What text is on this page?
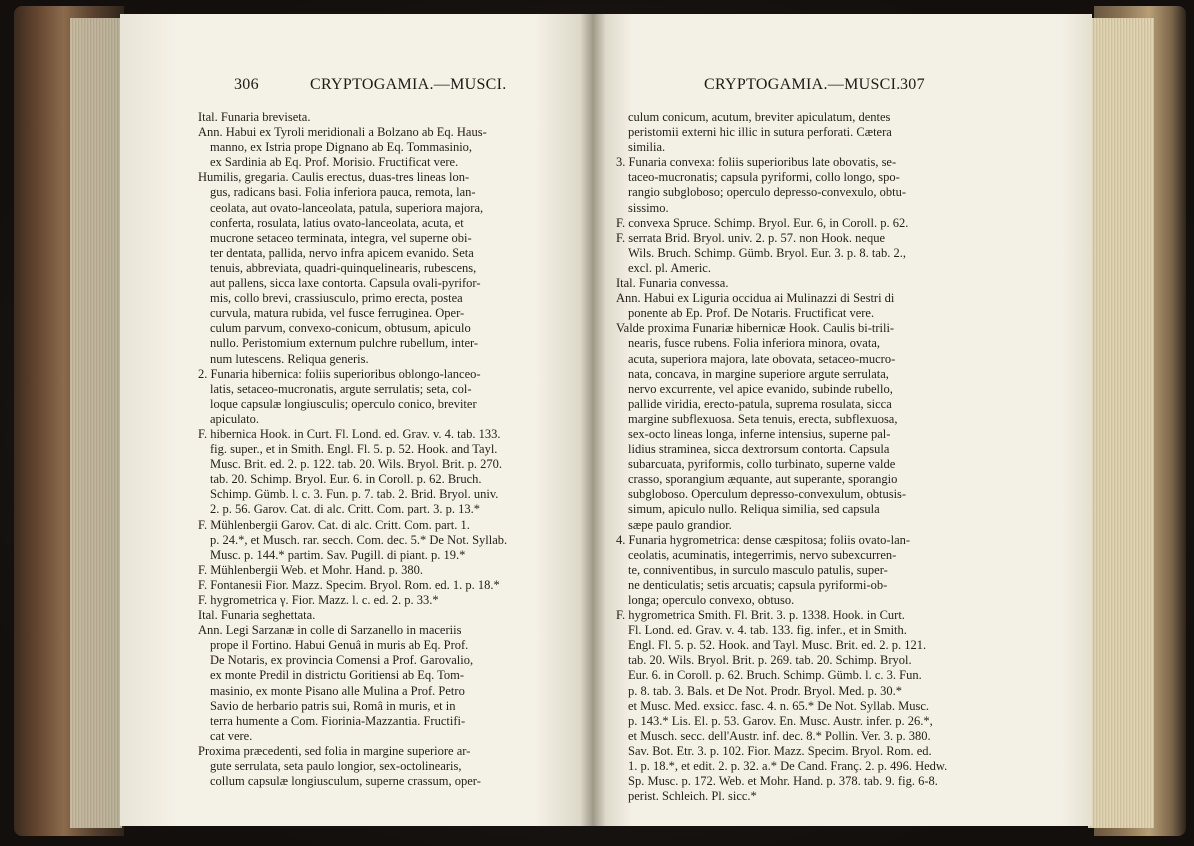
306	CRYPTOGAMIA.—MUSCI.
Ital. Funaria breviseta.
Ann. Habui ex Tyroli meridionali a Bolzano ab Eq. Haus-
manno, ex Istria prope Dignano ab Eq. Tommasinio,
ex Sardinia ab Eq. Prof. Morisio. Fructificat vere.
Humilis, gregaria. Caulis erectus, duas-tres lineas lon-
gus, radicans basi. Folia inferiora pauca, remota, lan-
ceolata, aut ovato-lanceolata, patula, superiora majora,
conferta, rosulata, latius ovato-lanceolata, acuta, et
mucrone setaceo terminata, integra, vel superne obi-
ter dentata, pallida, nervo infra apicem evanido. Seta
tenuis, abbreviata, quadri-quinquelinearis, rubescens,
aut pallens, sicca laxe contorta. Capsula ovali-pyrifor-
mis, collo brevi, crassiusculo, primo erecta, postea
curvula, matura rubida, vel fusce ferruginea. Oper-
culum parvum, convexo-conicum, obtusum, apiculo
nullo. Peristomium externum pulchre rubellum, inter-
num lutescens. Reliqua generis.
2. Funaria hibernica: foliis superioribus oblongo-lanceo-
latis, setaceo-mucronatis, argute serrulatis; seta, col-
loque capsulæ longiusculis; operculo conico, breviter
apiculato.
F. hibernica Hook. in Curt. Fl. Lond. ed. Grav. v. 4. tab. 133.
fig. super., et in Smith. Engl. Fl. 5. p. 52. Hook. and Tayl.
Musc. Brit. ed. 2. p. 122. tab. 20. Wils. Bryol. Brit. p. 270.
tab. 20. Schimp. Bryol. Eur. 6. in Coroll. p. 62. Bruch.
Schimp. Gümb. l. c. 3. Fun. p. 7. tab. 2. Brid. Bryol. univ.
2. p. 56. Garov. Cat. di alc. Critt. Com. part. 3. p. 13.*
F. Mühlenbergii Garov. Cat. di alc. Critt. Com. part. 1.
p. 24.*, et Musch. rar. secch. Com. dec. 5.* De Not. Syllab.
Musc. p. 144.* partim. Sav. Pugill. di piant. p. 19.*
F. Mühlenbergii Web. et Mohr. Hand. p. 380.
F. Fontanesii Fior. Mazz. Specim. Bryol. Rom. ed. 1. p. 18.*
F. hygrometrica γ. Fior. Mazz. l. c. ed. 2. p. 33.*
Ital. Funaria seghettata.
Ann. Legi Sarzanæ in colle di Sarzanello in maceriis
prope il Fortino. Habui Genuâ in muris ab Eq. Prof.
De Notaris, ex provincia Comensi a Prof. Garovalio,
ex monte Predil in districtu Goritiensi ab Eq. Tom-
masinio, ex monte Pisano alle Mulina a Prof. Petro
Savio de herbario patris sui, Româ in muris, et in
terra humente a Com. Fiorinia-Mazzantia. Fructifi-
cat vere.
Proxima præcedenti, sed folia in margine superiore ar-
gute serrulata, seta paulo longior, sex-octolinearis,
collum capsulæ longiusculum, superne crassum, oper-
CRYPTOGAMIA.—MUSCI. 307
culum conicum, acutum, breviter apiculatum, dentes
peristomii externi hic illic in sutura perforati. Cætera
similia.
3. Funaria convexa: foliis superioribus late obovatis, se-
taceo-mucronatis; capsula pyriformi, collo longo, spo-
rangio subgloboso; operculo depresso-convexulo, obtu-
sissimo.
F. convexa Spruce. Schimp. Bryol. Eur. 6, in Coroll. p. 62.
F. serrata Brid. Bryol. univ. 2. p. 57. non Hook. neque
Wils. Bruch. Schimp. Gümb. Bryol. Eur. 3. p. 8. tab. 2.,
excl. pl. Americ.
Ital. Funaria convessa.
Ann. Habui ex Liguria occidua ai Mulinazzi di Sestri di
ponente ab Ep. Prof. De Notaris. Fructificat vere.
Valde proxima Funariæ hibernicæ Hook. Caulis bi-trili-
nearis, fusce rubens. Folia inferiora minora, ovata,
acuta, superiora majora, late obovata, setaceo-mucro-
nata, concava, in margine superiore argute serrulata,
nervo excurrente, vel apice evanido, subinde rubello,
pallide viridia, erecto-patula, suprema rosulata, sicca
margine subflexuosa. Seta tenuis, erecta, subflexuosa,
sex-octo lineas longa, inferne intensius, superne pal-
lidius straminea, sicca dextrorsum contorta. Capsula
subarcuata, pyriformis, collo turbinato, superne valde
crasso, sporangium æquante, aut superante, sporangio
subgloboso. Operculum depresso-convexulum, obtusis-
simum, apiculo nullo. Reliqua similia, sed capsula
sæpe paulo grandior.
4. Funaria hygrometrica: dense cæspitosa; foliis ovato-lan-
ceolatis, acuminatis, integerrimis, nervo subexcurren-
te, conniventibus, in surculo masculo patulis, super-
ne denticulatis; setis arcuatis; capsula pyriformi-ob-
longa; operculo convexo, obtuso.
F. hygrometrica Smith. Fl. Brit. 3. p. 1338. Hook. in Curt.
Fl. Lond. ed. Grav. v. 4. tab. 133. fig. infer., et in Smith.
Engl. Fl. 5. p. 52. Hook. and Tayl. Musc. Brit. ed. 2. p. 121.
tab. 20. Wils. Bryol. Brit. p. 269. tab. 20. Schimp. Bryol.
Eur. 6. in Coroll. p. 62. Bruch. Schimp. Gümb. l. c. 3. Fun.
p. 8. tab. 3. Bals. et De Not. Prodr. Bryol. Med. p. 30.*
et Musc. Med. exsicc. fasc. 4. n. 65.* De Not. Syllab. Musc.
p. 143.* Lis. El. p. 53. Garov. En. Musc. Austr. infer. p. 26.*,
et Musch. secc. dell'Austr. inf. dec. 8.* Pollin. Ver. 3. p. 380.
Sav. Bot. Etr. 3. p. 102. Fior. Mazz. Specim. Bryol. Rom. ed.
1. p. 18.*, et edit. 2. p. 32. a.* De Cand. Franç. 2. p. 496. Hedw.
Sp. Musc. p. 172. Web. et Mohr. Hand. p. 378. tab. 9. fig. 6-8.
perist. Schleich. Pl. sicc.*
